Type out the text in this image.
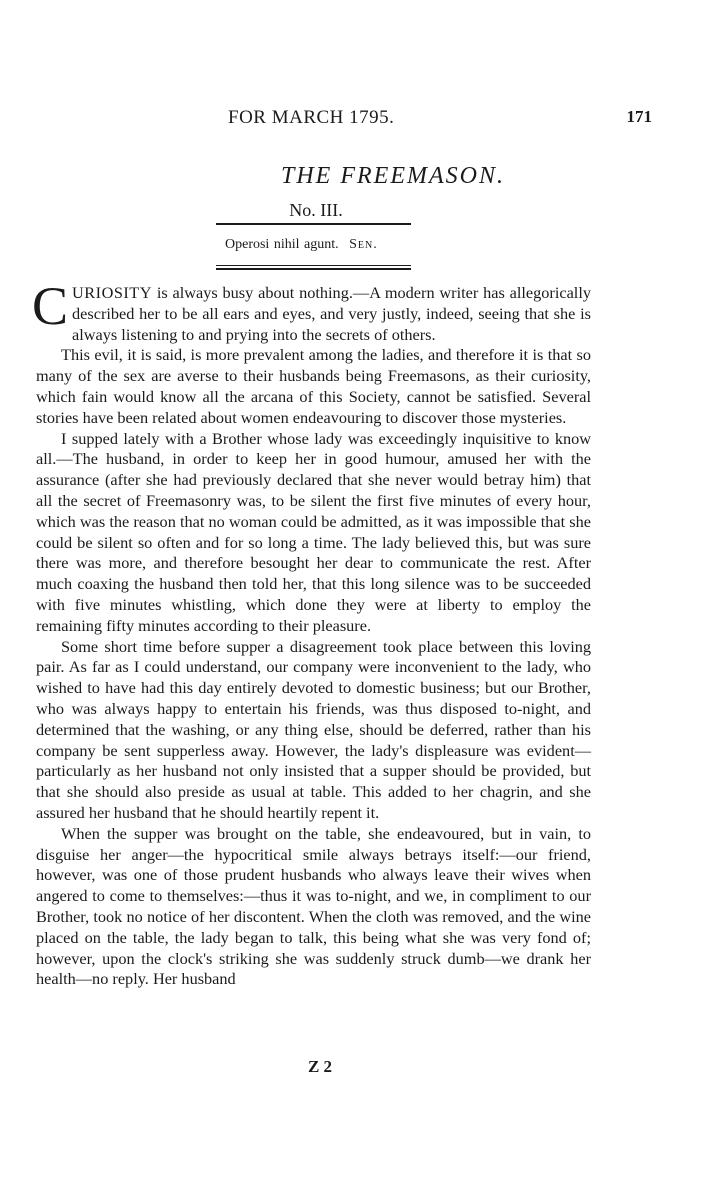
FOR MARCH 1795.	171
THE FREEMASON.
No. III.
Operosi nihil agunt. Sen.

CURIOSITY is always busy about nothing.—A modern writer has allegorically described her to be all ears and eyes, and very justly, indeed, seeing that she is always listening to and prying into the secrets of others.

This evil, it is said, is more prevalent among the ladies, and therefore it is that so many of the sex are averse to their husbands being Freemasons, as their curiosity, which fain would know all the arcana of this Society, cannot be satisfied. Several stories have been related about women endeavouring to discover those mysteries.

I supped lately with a Brother whose lady was exceedingly inquisitive to know all.—The husband, in order to keep her in good humour, amused her with the assurance (after she had previously declared that she never would betray him) that all the secret of Freemasonry was, to be silent the first five minutes of every hour, which was the reason that no woman could be admitted, as it was impossible that she could be silent so often and for so long a time. The lady believed this, but was sure there was more, and therefore besought her dear to communicate the rest. After much coaxing the husband then told her, that this long silence was to be succeeded with five minutes whistling, which done they were at liberty to employ the remaining fifty minutes according to their pleasure.

Some short time before supper a disagreement took place between this loving pair. As far as I could understand, our company were inconvenient to the lady, who wished to have had this day entirely devoted to domestic business; but our Brother, who was always happy to entertain his friends, was thus disposed to-night, and determined that the washing, or any thing else, should be deferred, rather than his company be sent supperless away. However, the lady's displeasure was evident—particularly as her husband not only insisted that a supper should be provided, but that she should also preside as usual at table. This added to her chagrin, and she assured her husband that he should heartily repent it.

When the supper was brought on the table, she endeavoured, but in vain, to disguise her anger—the hypocritical smile always betrays itself:—our friend, however, was one of those prudent husbands who always leave their wives when angered to come to themselves:—thus it was to-night, and we, in compliment to our Brother, took no notice of her discontent. When the cloth was removed, and the wine placed on the table, the lady began to talk, this being what she was very fond of; however, upon the clock's striking she was suddenly struck dumb—we drank her health—no reply. Her husband

Z 2
